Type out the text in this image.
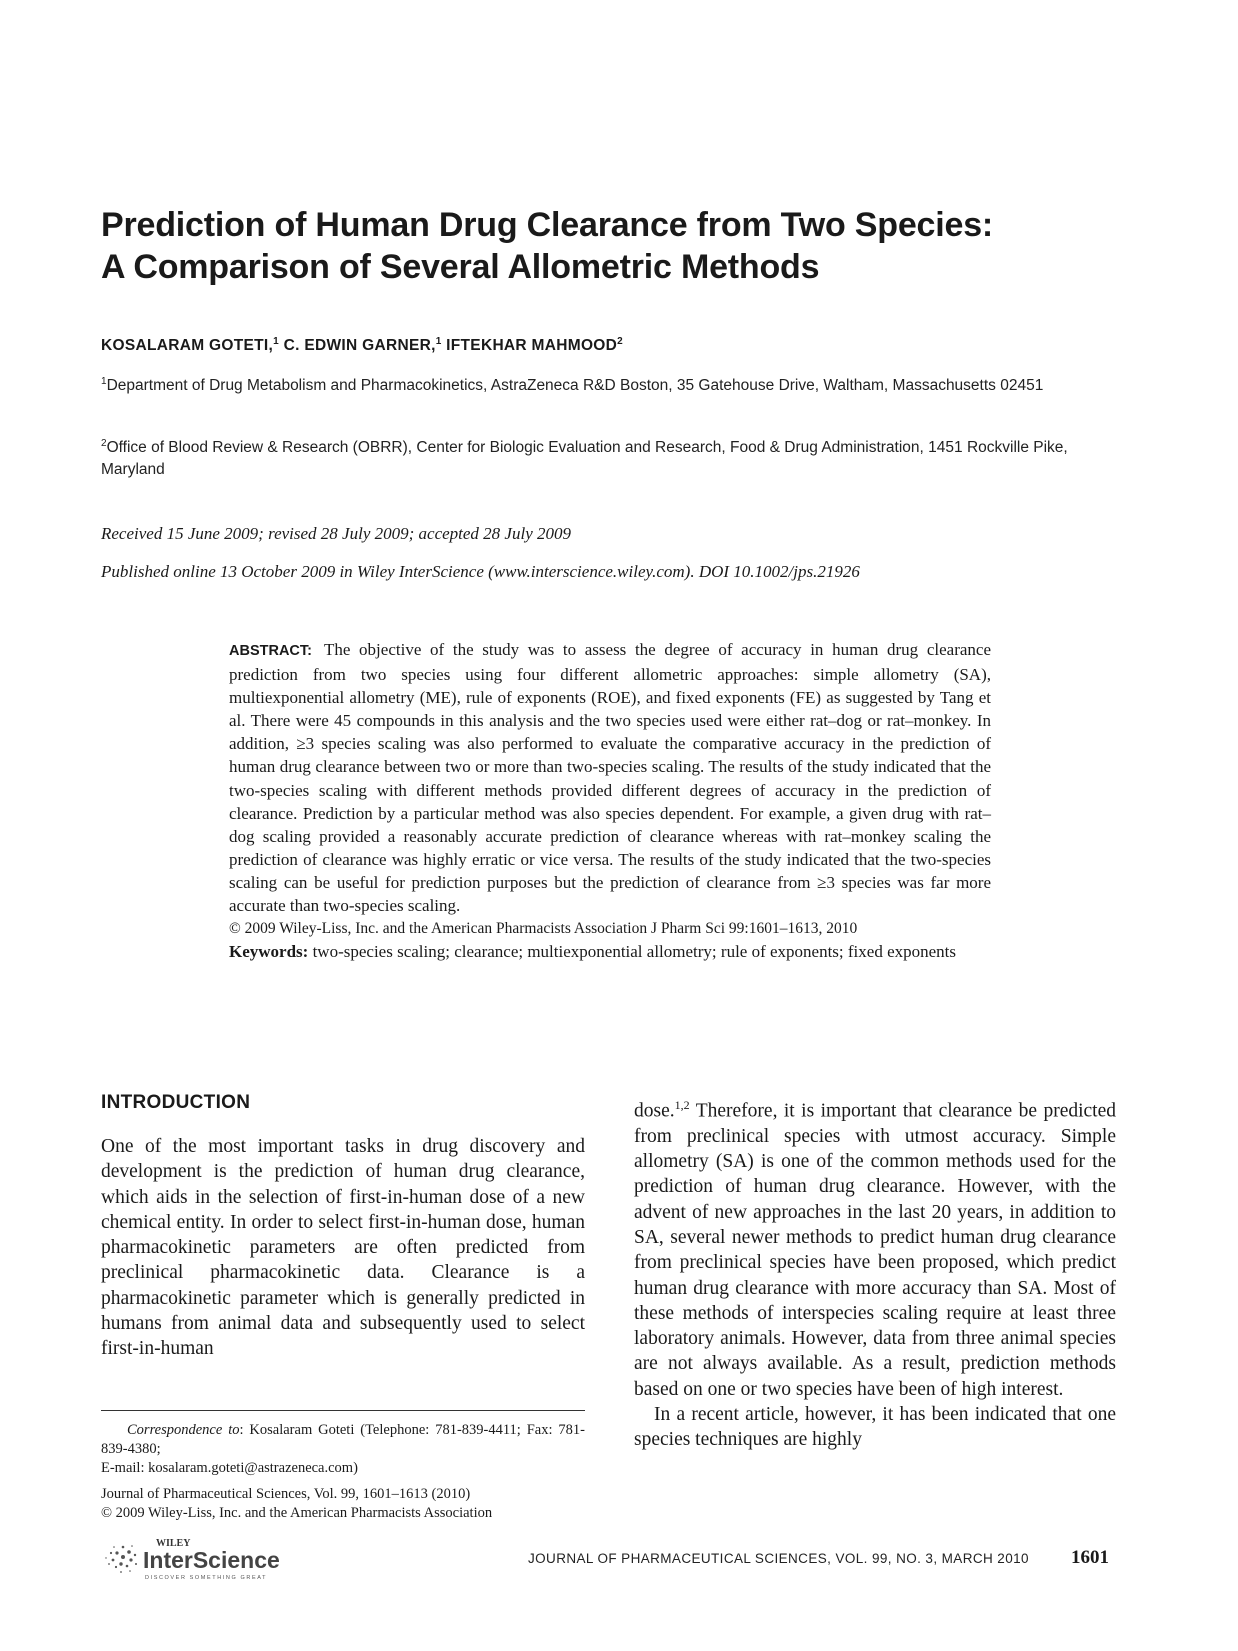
Prediction of Human Drug Clearance from Two Species:
A Comparison of Several Allometric Methods
KOSALARAM GOTETI,$^1$ C. EDWIN GARNER,$^1$ IFTEKHAR MAHMOOD$^2$
$^1$Department of Drug Metabolism and Pharmacokinetics, AstraZeneca R&D Boston, 35 Gatehouse Drive, Waltham, Massachusetts 02451
$^2$Office of Blood Review & Research (OBRR), Center for Biologic Evaluation and Research, Food & Drug Administration, 1451 Rockville Pike, Maryland
Received 15 June 2009; revised 28 July 2009; accepted 28 July 2009
Published online 13 October 2009 in Wiley InterScience (www.interscience.wiley.com). DOI 10.1002/jps.21926
ABSTRACT: The objective of the study was to assess the degree of accuracy in human drug clearance prediction from two species using four different allometric approaches: simple allometry (SA), multiexponential allometry (ME), rule of exponents (ROE), and fixed exponents (FE) as suggested by Tang et al. There were 45 compounds in this analysis and the two species used were either rat–dog or rat–monkey. In addition, ≥3 species scaling was also performed to evaluate the comparative accuracy in the prediction of human drug clearance between two or more than two-species scaling. The results of the study indicated that the two-species scaling with different methods provided different degrees of accuracy in the prediction of clearance. Prediction by a particular method was also species dependent. For example, a given drug with rat–dog scaling provided a reasonably accurate prediction of clearance whereas with rat–monkey scaling the prediction of clearance was highly erratic or vice versa. The results of the study indicated that the two-species scaling can be useful for prediction purposes but the prediction of clearance from ≥3 species was far more accurate than two-species scaling.
© 2009 Wiley-Liss, Inc. and the American Pharmacists Association J Pharm Sci 99:1601–1613, 2010
Keywords: two-species scaling; clearance; multiexponential allometry; rule of exponents; fixed exponents
INTRODUCTION

One of the most important tasks in drug discovery and development is the prediction of human drug clearance, which aids in the selection of first-in-human dose of a new chemical entity. In order to select first-in-human dose, human pharmacokinetic parameters are often predicted from preclinical pharmacokinetic data. Clearance is a pharmacokinetic parameter which is generally predicted in humans from animal data and subsequently used to select first-in-human

dose.$^{1,2}$ Therefore, it is important that clearance be predicted from preclinical species with utmost accuracy. Simple allometry (SA) is one of the common methods used for the prediction of human drug clearance. However, with the advent of new approaches in the last 20 years, in addition to SA, several newer methods to predict human drug clearance from preclinical species have been proposed, which predict human drug clearance with more accuracy than SA. Most of these methods of interspecies scaling require at least three laboratory animals. However, data from three animal species are not always available. As a result, prediction methods based on one or two species have been of high interest.

In a recent article, however, it has been indicated that one species techniques are highly

Correspondence to: Kosalaram Goteti (Telephone: 781-839-4411; Fax: 781-839-4380;

E-mail: kosalaram.goteti@astrazeneca.com)

Journal of Pharmaceutical Sciences, Vol. 99, 1601–1613 (2010)

© 2009 Wiley-Liss, Inc. and the American Pharmacists Association

WILEY
InterScience
DISCOVER SOMETHING GREAT
JOURNAL OF PHARMACEUTICAL SCIENCES, VOL. 99, NO. 3, MARCH 2010 1601
